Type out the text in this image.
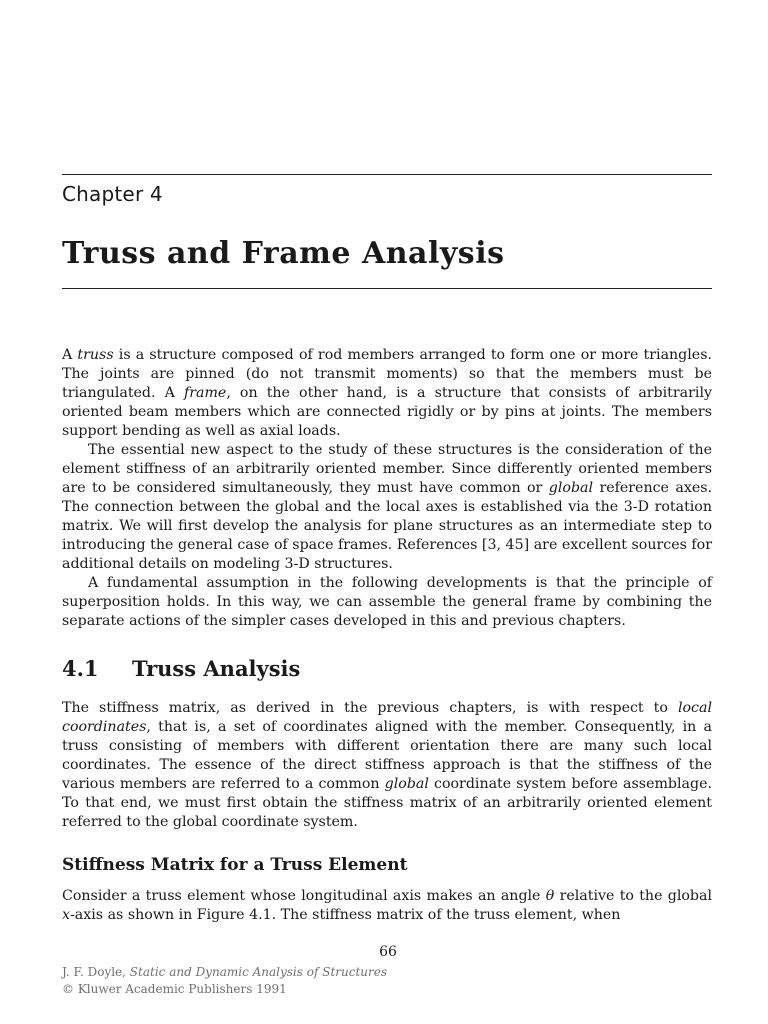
Chapter 4
Truss and Frame Analysis

A truss is a structure composed of rod members arranged to form one or more triangles. The joints are pinned (do not transmit moments) so that the members must be triangulated. A frame, on the other hand, is a structure that consists of arbitrarily oriented beam members which are connected rigidly or by pins at joints. The members support bending as well as axial loads.

The essential new aspect to the study of these structures is the consideration of the element stiffness of an arbitrarily oriented member. Since differently oriented members are to be considered simultaneously, they must have common or global reference axes. The connection between the global and the local axes is established via the 3-D rotation matrix. We will first develop the analysis for plane structures as an intermediate step to introducing the general case of space frames. References [3, 45] are excellent sources for additional details on modeling 3-D structures.

A fundamental assumption in the following developments is that the principle of superposition holds. In this way, we can assemble the general frame by combining the separate actions of the simpler cases developed in this and previous chapters.

4.1 Truss Analysis

The stiffness matrix, as derived in the previous chapters, is with respect to local coordinates, that is, a set of coordinates aligned with the member. Consequently, in a truss consisting of members with different orientation there are many such local coordinates. The essence of the direct stiffness approach is that the stiffness of the various members are referred to a common global coordinate system before assemblage. To that end, we must first obtain the stiffness matrix of an arbitrarily oriented element referred to the global coordinate system.

Stiffness Matrix for a Truss Element

Consider a truss element whose longitudinal axis makes an angle θ relative to the global x-axis as shown in Figure 4.1. The stiffness matrix of the truss element, when

66
J. F. Doyle, Static and Dynamic Analysis of Structures
© Kluwer Academic Publishers 1991
